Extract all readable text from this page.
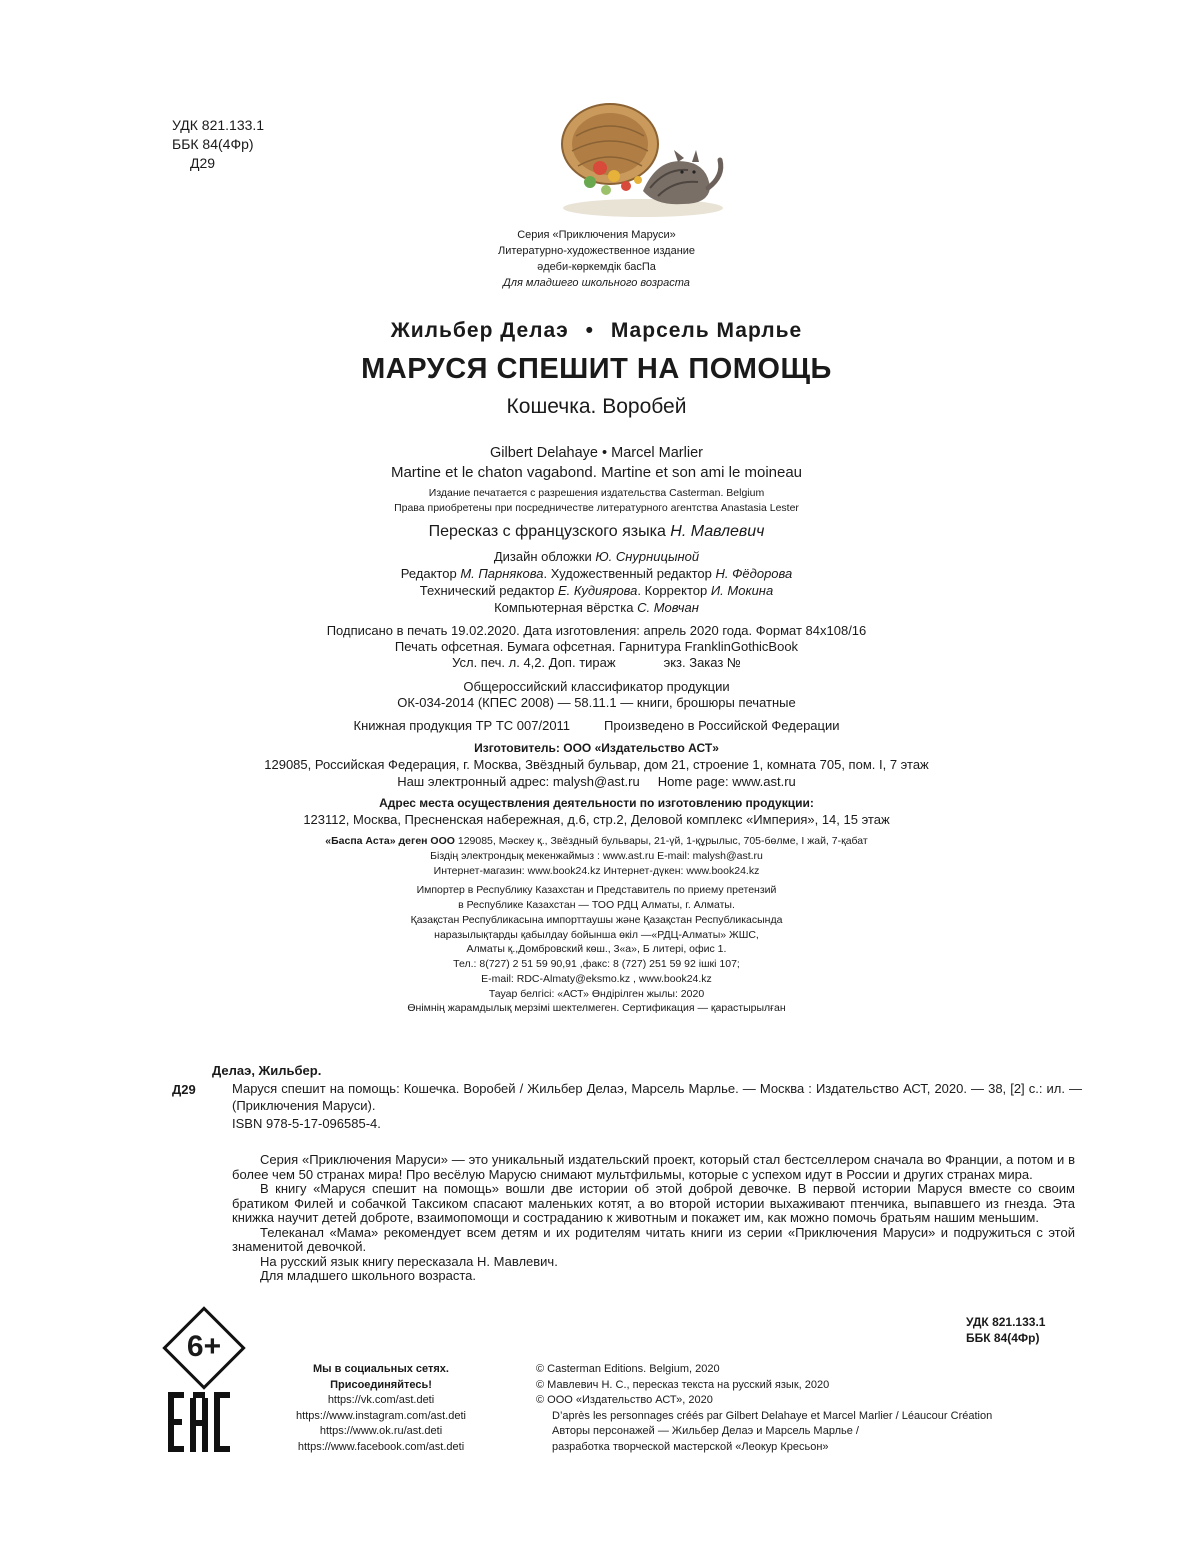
УДК 821.133.1
ББК 84(4Фр)
Д29
Серия «Приключения Маруси»
Литературно-художественное издание
әдеби-көркемдік басПа
Для младшего школьного возраста
Жильбер Делаэ • Марсель Марлье
МАРУСЯ СПЕШИТ НА ПОМОЩЬ
Кошечка. Воробей
Gilbert Delahaye • Marcel Marlier
Martine et le chaton vagabond. Martine et son ami le moineau
Издание печатается с разрешения издательства Casterman. Belgium
Права приобретены при посредничестве литературного агентства Anastasia Lester
Пересказ с французского языка Н. Мавлевич
Дизайн обложки Ю. Снурницыной
Редактор М. Парнякова. Художественный редактор Н. Фёдорова
Технический редактор Е. Кудиярова. Корректор И. Мокина
Компьютерная вёрстка С. Мовчан
Подписано в печать 19.02.2020. Дата изготовления: апрель 2020 года. Формат 84x108/16
Печать офсетная. Бумага офсетная. Гарнитура FranklinGothicBook
Усл. печ. л. 4,2. Доп. тираж	экз. Заказ №
Общероссийский классификатор продукции
ОК-034-2014 (КПЕС 2008) — 58.11.1 — книги, брошюры печатные
Книжная продукция ТР ТС 007/2011	Произведено в Российской Федерации
Изготовитель: ООО «Издательство АСТ»
129085, Российская Федерация, г. Москва, Звёздный бульвар, дом 21, строение 1, комната 705, пом. I, 7 этаж
Наш электронный адрес: malysh@ast.ru     Home page: www.ast.ru
Адрес места осуществления деятельности по изготовлению продукции:
123112, Москва, Пресненская набережная, д.6, стр.2, Деловой комплекс «Империя», 14, 15 этаж
«Баспа Аста» деген ООО 129085, Мәскеу қ., Звёздный бульвары, 21-үй, 1-құрылыс, 705-бөлме, I жай, 7-қабат
Біздің электрондық мекенжаймыз : www.ast.ru E-mail: malysh@ast.ru
Интернет-магазин: www.book24.kz Интернет-дүкен: www.book24.kz
Импортер в Республику Казахстан и Представитель по приему претензий
в Республике Казахстан — ТОО РДЦ Алматы, г. Алматы.
Қазақстан Республикасына импорттаушы және Қазақстан Республикасында
наразылықтарды қабылдау бойынша өкіл —«РДЦ-Алматы» ЖШС,
Алматы қ.,Домбровский көш., 3«а», Б литері, офис 1.
Тел.: 8(727) 2 51 59 90,91 ,факс: 8 (727) 251 59 92 ішкі 107;
E-mail: RDC-Almaty@eksmo.kz , www.book24.kz
Тауар белгісі: «АСТ» Өндірілген жылы: 2020
Өнімнің жарамдылық мерзімі шектелмеген. Сертификация — қарастырылған
Делаэ, Жильбер.
Д29	Маруся спешит на помощь: Кошечка. Воробей / Жильбер Делаэ, Марсель Марлье. — Москва : Издательство АСТ, 2020. — 38, [2] с.: ил. — (Приключения Маруси).
ISBN 978-5-17-096585-4.

Серия «Приключения Маруси» — это уникальный издательский проект, который стал бестселлером сначала во Франции, а потом и в более чем 50 странах мира! Про весёлую Марусю снимают мультфильмы, которые с успехом идут в России и других странах мира.

В книгу «Маруся спешит на помощь» вошли две истории об этой доброй девочке. В первой истории Маруся вместе со своим братиком Филей и собачкой Таксиком спасают маленьких котят, а во второй истории выхаживают птенчика, выпавшего из гнезда. Эта книжка научит детей доброте, взаимопомощи и состраданию к животным и покажет им, как можно помочь братьям нашим меньшим.

Телеканал «Мама» рекомендует всем детям и их родителям читать книги из серии «Приключения Маруси» и подружиться с этой знаменитой девочкой.

На русский язык книгу пересказала Н. Мавлевич.

Для младшего школьного возраста.

6+
Мы в социальных сетях.
Присоединяйтесь!
https://vk.com/ast.deti
https://www.instagram.com/ast.deti
https://www.ok.ru/ast.deti
https://www.facebook.com/ast.deti
© Casterman Editions. Belgium, 2020
© Мавлевич Н. С., пересказ текста на русский язык, 2020
© ООО «Издательство АСТ», 2020
D’après les personnages créés par Gilbert Delahaye et Marcel Marlier / Léaucour Création
Авторы персонажей — Жильбер Делаэ и Марсель Марлье /
разработка творческой мастерской «Леокур Кресьон»
УДК 821.133.1
ББК 84(4Фр)
